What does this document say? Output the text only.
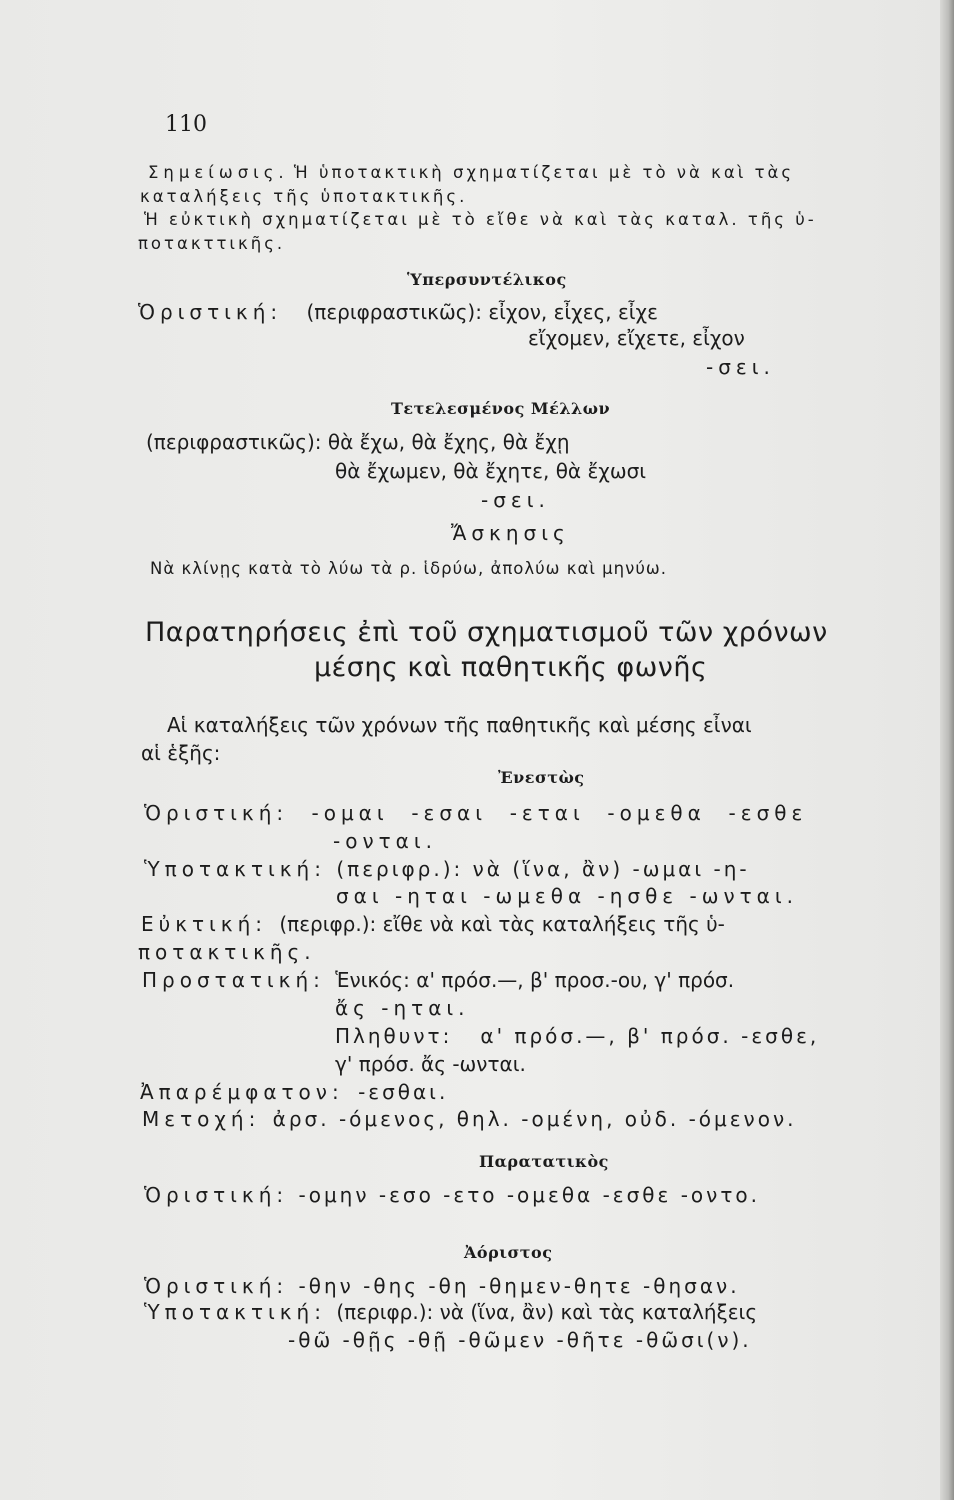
110
Σημείωσις. Ἡ ὑποτακτικὴ σχηματίζεται μὲ τὸ νὰ καὶ τὰς
καταλήξεις τῆς ὑποτακτικῆς.
Ἡ εὐκτικὴ σχηματίζεται μὲ τὸ εἴθε νὰ καὶ τὰς καταλ. τῆς ὑ-
ποτακττικῆς.
Ὑπερσυντέλικος
Ὁριστική: (περιφραστικῶς): εἶχον, εἶχες, εἶχε
εἴχομεν, εἴχετε, εἶχον
-σει.
Τετελεσμένος Μέλλων
(περιφραστικῶς): θὰ ἔχω, θὰ ἔχης, θὰ ἔχῃ
θὰ ἔχωμεν, θὰ ἔχητε, θὰ ἔχωσι
-σει.
Ἄσκησις
Νὰ κλίνῃς κατὰ τὸ λύω τὰ ρ. ἱδρύω, ἀπολύω καὶ μηνύω.
Παρατηρήσεις ἐπὶ τοῦ σχηματισμοῦ τῶν χρόνων
μέσης καὶ παθητικῆς φωνῆς
Αἱ καταλήξεις τῶν χρόνων τῆς παθητικῆς καὶ μέσης εἶναι
αἱ ἑξῆς:
Ἐνεστὼς
Ὁριστική: -ομαι  -εσαι  -εται  -ομεθα  -εσθε
-ονται.
Ὑποτακτική: (περιφρ.): νὰ (ἵνα, ἂν) -ωμαι -η-
σαι -ηται -ωμεθα -ησθε -ωνται.
Εὐκτική: (περιφρ.): εἴθε νὰ καὶ τὰς καταλήξεις τῆς ὑ-
ποτακτικῆς.
Προστατική: Ἑνικός: α' πρόσ.—, β' προσ.-ου, γ' πρόσ.
ἄς -ηται.
Πληθυντ:   α' πρόσ.—, β' πρόσ. -εσθε,
γ' πρόσ. ἄς -ωνται.
Ἀπαρέμφατον: -εσθαι.
Μετοχή: ἀρσ. -όμενος, θηλ. -ομένη, οὐδ. -όμενον.
Παρατατικὸς
Ὁριστική: -ομην -εσο -ετο -ομεθα -εσθε -οντο.
Ἀόριστος
Ὁριστική: -θην -θης -θη -θημεν-θητε -θησαν.
Ὑποτακτική: (περιφρ.): νὰ (ἵνα, ἂν) καὶ τὰς καταλήξεις
-θῶ -θῇς -θῇ -θῶμεν -θῆτε -θῶσι(ν).
